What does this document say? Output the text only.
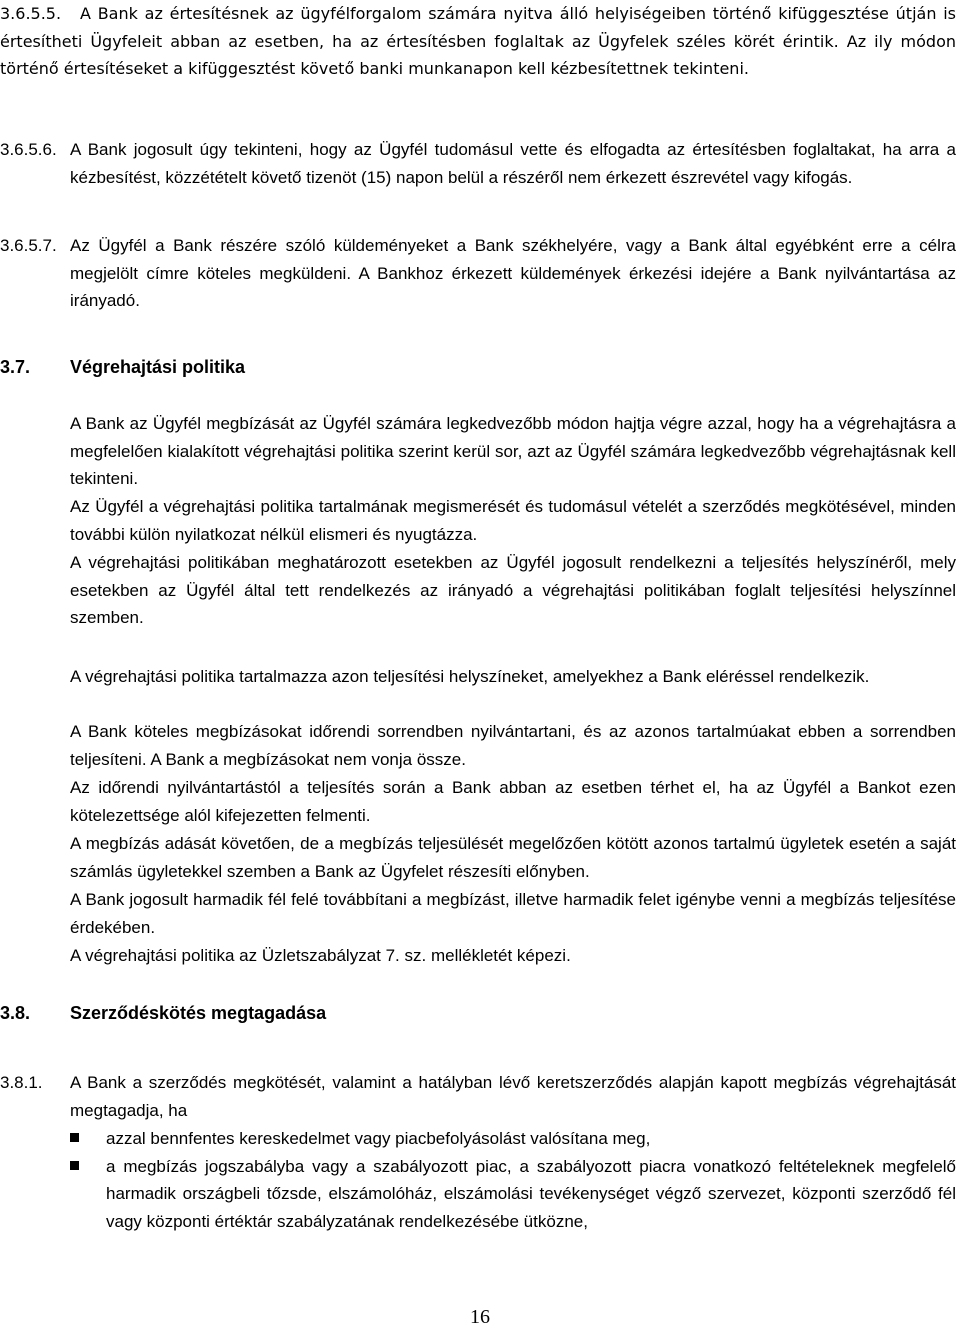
3.6.5.5.	A Bank az értesítésnek az ügyfélforgalom számára nyitva álló helyiségeiben történő kifüggesztése útján is értesítheti Ügyfeleit abban az esetben, ha az értesítésben foglaltak az Ügyfelek széles körét érintik. Az ily módon történő értesítéseket a kifüggesztést követő banki munkanapon kell kézbesítettnek tekinteni.
3.6.5.6. A Bank jogosult úgy tekinteni, hogy az Ügyfél tudomásul vette és elfogadta az értesítésben foglaltakat, ha arra a kézbesítést, közzétételt követő tizenöt (15) napon belül a részéről nem érkezett észrevétel vagy kifogás.
3.6.5.7. Az Ügyfél a Bank részére szóló küldeményeket a Bank székhelyére, vagy a Bank által egyébként erre a célra megjelölt címre köteles megküldeni. A Bankhoz érkezett küldemények érkezési idejére a Bank nyilvántartása az irányadó.
3.7. Végrehajtási politika
A Bank az Ügyfél megbízását az Ügyfél számára legkedvezőbb módon hajtja végre azzal, hogy ha a végrehajtásra a megfelelően kialakított végrehajtási politika szerint kerül sor, azt az Ügyfél számára legkedvezőbb végrehajtásnak kell tekinteni.
Az Ügyfél a végrehajtási politika tartalmának megismerését és tudomásul vételét a szerződés megkötésével, minden további külön nyilatkozat nélkül elismeri és nyugtázza.
A végrehajtási politikában meghatározott esetekben az Ügyfél jogosult rendelkezni a teljesítés helyszínéről, mely esetekben az Ügyfél által tett rendelkezés az irányadó a végrehajtási politikában foglalt teljesítési helyszínnel szemben.
A végrehajtási politika tartalmazza azon teljesítési helyszíneket, amelyekhez a Bank eléréssel rendelkezik.
A Bank köteles megbízásokat időrendi sorrendben nyilvántartani, és az azonos tartalmúakat ebben a sorrendben teljesíteni. A Bank a megbízásokat nem vonja össze.
Az időrendi nyilvántartástól a teljesítés során a Bank abban az esetben térhet el, ha az Ügyfél a Bankot ezen kötelezettsége alól kifejezetten felmenti.
A megbízás adását követően, de a megbízás teljesülését megelőzően kötött azonos tartalmú ügyletek esetén a saját számlás ügyletekkel szemben a Bank az Ügyfelet részesíti előnyben.
A Bank jogosult harmadik fél felé továbbítani a megbízást, illetve harmadik felet igénybe venni a megbízás teljesítése érdekében.
A végrehajtási politika az Üzletszabályzat 7. sz. mellékletét képezi.
3.8. Szerződéskötés megtagadása
3.8.1. A Bank a szerződés megkötését, valamint a hatályban lévő keretszerződés alapján kapott megbízás végrehajtását megtagadja, ha
azzal bennfentes kereskedelmet vagy piacbefolyásolást valósítana meg,
a megbízás jogszabályba vagy a szabályozott piac, a szabályozott piacra vonatkozó feltételeknek megfelelő harmadik országbeli tőzsde, elszámolóház, elszámolási tevékenységet végző szervezet, központi szerződő fél vagy központi értéktár szabályzatának rendelkezésébe ütközne,
16
